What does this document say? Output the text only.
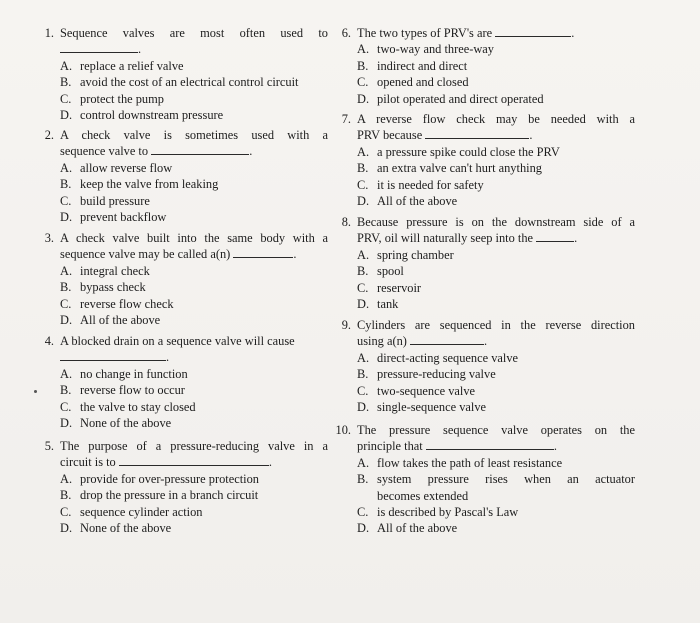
1. Sequence valves are most often used to
.
A. replace a relief valve
B. avoid the cost of an electrical control circuit
C. protect the pump
D. control downstream pressure
2. A check valve is sometimes used with a
sequence valve to	.
A. allow reverse flow
B. keep the valve from leaking
C. build pressure
D. prevent backflow
3. A check valve built into the same body with a
sequence valve may be called a(n)	.
A. integral check
B. bypass check
C. reverse flow check
D. All of the above
4. A blocked drain on a sequence valve will cause
.
A. no change in function
B. reverse flow to occur
C. the valve to stay closed
D. None of the above
5. The purpose of a pressure-reducing valve in a
circuit is to	.
A. provide for over-pressure protection
B. drop the pressure in a branch circuit
C. sequence cylinder action
D. None of the above
6. The two types of PRV's are	.
A. two-way and three-way
B. indirect and direct
C. opened and closed
D. pilot operated and direct operated
7. A reverse flow check may be needed with a
PRV because	.
A. a pressure spike could close the PRV
B. an extra valve can't hurt anything
C. it is needed for safety
D. All of the above
8. Because pressure is on the downstream side of a
PRV, oil will naturally seep into the	.
A. spring chamber
B. spool
C. reservoir
D. tank
9. Cylinders are sequenced in the reverse direction
using a(n)	.
A. direct-acting sequence valve
B. pressure-reducing valve
C. two-sequence valve
D. single-sequence valve
10. The pressure sequence valve operates on the
principle that	.
A. flow takes the path of least resistance
B. system pressure rises when an actuator
becomes extended
C. is described by Pascal's Law
D. All of the above
